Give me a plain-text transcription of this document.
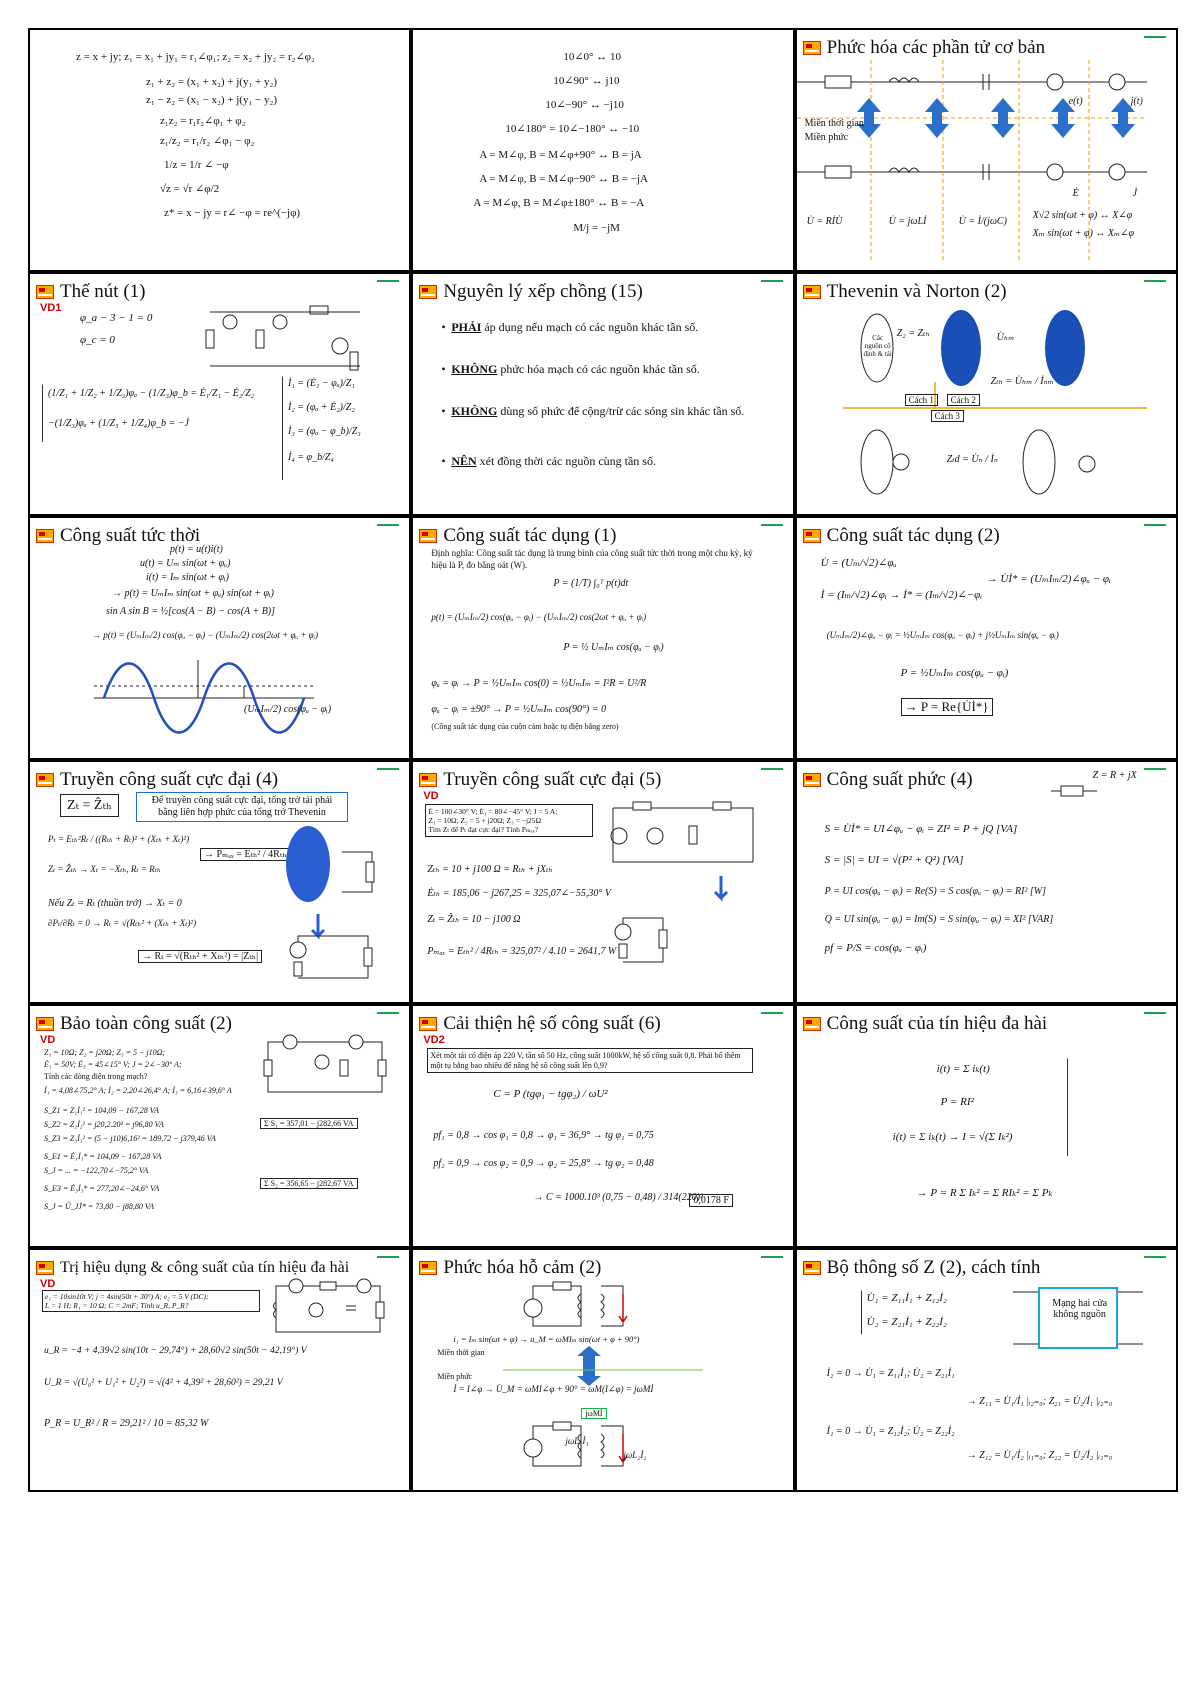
z = x + jy; z₁ = x₁ + jy₁ = r₁∠φ₁; z₂ = x₂ + jy₂ = r₂∠φ₂
z₁ + z₂ = (x₁ + x₂) + j(y₁ + y₂)
z₁ − z₂ = (x₁ − x₂) + j(y₁ − y₂)
z₁z₂ = r₁r₂∠φ₁ + φ₂
z₁/z₂ = r₁/r₂ ∠φ₁ − φ₂
1/z = 1/r ∠ −φ
√z = √r ∠φ/2
z* = x − jy = r∠ −φ = re^(−jφ)
10∠0° ↔ 10
10∠90° ↔ j10
10∠−90° ↔ −j10
10∠180° = 10∠−180° ↔ −10
A = M∠φ, B = M∠φ+90° ↔ B = jA
A = M∠φ, B = M∠φ−90° ↔ B = −jA
A = M∠φ, B = M∠φ±180° ↔ B = −A
M/j = −jM
Phức hóa các phần tử cơ bản
Miền thời gian
Miền phức
e(t)	j(t)
Ė	J̇
U̇ = RİU̇	U̇ = jωLİ	U̇ = İ/(jωC)
X√2 sin(ωt + φ) ↔ X∠φ
Xₘ sin(ωt + φ) ↔ Xₘ∠φ
Thế nút (1)
VD1
φ_a − 3 − 1 = 0
φ_c = 0
(1/Z₁ + 1/Z₂ + 1/Z₃)φₐ − (1/Z₃)φ_b = Ė₁/Z₁ − Ė₂/Z₂
−(1/Z₃)φₐ + (1/Z₃ + 1/Z₄)φ_b = −J̇
İ₁ = (Ė₁ − φₐ)/Z₁
İ₂ = (φₐ + Ė₂)/Z₂
İ₃ = (φₐ − φ_b)/Z₃
İ₄ = φ_b/Z₄
Nguyên lý xếp chồng (15)
• PHẢI áp dụng nếu mạch có các nguồn khác tần số.
• KHÔNG phức hóa mạch có các nguồn khác tần số.
• KHÔNG dùng số phức để cộng/trừ các sóng sin khác tần số.
• NÊN xét đồng thời các nguồn cùng tần số.
Thevenin và Norton (2)
Các nguồn cố định & tải
Z₂ = Zₜₕ	U̇ₕₘ
Zₜₕ = U̇ₕₘ / İₙₘ
Cách 1	Cách 2
Cách 3
Zₜd = U̇ₙ / İₙ
Công suất tức thời
p(t) = u(t)i(t)
u(t) = Uₘ sin(ωt + φᵤ)
i(t) = Iₘ sin(ωt + φᵢ)
→ p(t) = UₘIₘ sin(ωt + φᵤ) sin(ωt + φᵢ)
sin A sin B = ½[cos(A − B) − cos(A + B)]
→ p(t) = (UₘIₘ/2) cos(φᵤ − φᵢ) − (UₘIₘ/2) cos(2ωt + φᵤ + φᵢ)
(UₘIₘ/2) cos(φᵤ − φᵢ)
Công suất tác dụng (1)
Định nghĩa: Công suất tác dụng là trung bình của công suất tức thời trong một chu kỳ, ký hiệu là P, đo bằng oát (W).
P = (1/T) ∫₀ᵀ p(t)dt
p(t) = (UₘIₘ/2) cos(φᵤ − φᵢ) − (UₘIₘ/2) cos(2ωt + φᵤ + φᵢ)
P = ½ UₘIₘ cos(φᵤ − φᵢ)
φᵤ = φᵢ → P = ½UₘIₘ cos(0) = ½UₘIₘ = I²R = U²/R
φᵤ − φᵢ = ±90° → P = ½UₘIₘ cos(90°) = 0
(Công suất tác dụng của cuộn cảm hoặc tụ điện bằng zero)
Công suất tác dụng (2)
U̇ = (Uₘ/√2)∠φᵤ
İ = (Iₘ/√2)∠φᵢ → İ* = (Iₘ/√2)∠−φᵢ
→ U̇İ* = (UₘIₘ/2)∠φᵤ − φᵢ
(UₘIₘ/2)∠φᵤ − φᵢ = ½UₘIₘ cos(φᵤ − φᵢ) + j½UₘIₘ sin(φᵤ − φᵢ)
P = ½UₘIₘ cos(φᵤ − φᵢ)
→ P = Re{U̇İ*}
Truyền công suất cực đại (4)
Zₜ = Ẑₜₕ	Để truyền công suất cực đại, tổng trở tải phải bằng liên hợp phức của tổng trở Thevenin
Pₜ = Eₜₕ²Rₜ / ((Rₜₕ + Rₜ)² + (Xₜₕ + Xₜ)²)
Zₜ = Ẑₜₕ → Xₜ = −Xₜₕ, Rₜ = Rₜₕ
→ Pₘₐₓ = Eₜₕ² / 4Rₜₕ
Nếu Zₜ = Rₜ (thuần trở) → Xₜ = 0
∂Pₜ/∂Rₜ = 0 → Rₜ = √(Rₜₕ² + (Xₜₕ + Xₜ)²)
→ Rₜ = √(Rₜₕ² + Xₜₕ²) = |Zₜₕ|
Truyền công suất cực đại (5)
VD
Ė = 100∠30° V; Ė₁ = 80∠−45° V; J = 5 A;
Z₁ = 10Ω; Z₂ = 5 + j20Ω; Z₃ = −j25Ω
Tìm Zₜ để Pₜ đạt cực đại? Tính Pₘₐₓ?
Zₜₕ = 10 + j100 Ω = Rₜₕ + jXₜₕ
Ėₜₕ = 185,06 − j267,25 = 325,07∠−55,30° V
Zₜ = Ẑₜₕ = 10 − j100 Ω
Pₘₐₓ = Eₜₕ² / 4Rₜₕ = 325,07² / 4.10 = 2641,7 W
Công suất phức (4)	Z = R + jX
S = U̇İ* = UI∠φᵤ − φᵢ = ZI² = P + jQ [VA]
S = |S| = UI = √(P² + Q²) [VA]
P = UI cos(φᵤ − φᵢ) = Re(S) = S cos(φᵤ − φᵢ) = RI² [W]
Q = UI sin(φᵤ − φᵢ) = Im(S) = S sin(φᵤ − φᵢ) = XI² [VAR]
pf = P/S = cos(φᵤ − φᵢ)
Bảo toàn công suất (2)
VD
Z₁ = 10Ω; Z₂ = j20Ω; Z₃ = 5 − j10Ω;
Ė₁ = 50V; Ė₃ = 45∠15° V; J = 2∠−30° A;
Tính các dòng điện trong mạch?
İ₁ = 4,08∠75,2° A; İ₂ = 2,20∠26,4° A; İ₃ = 6,16∠39,6° A
S_Z1 = Z₁İ₁² = 104,09 − 167,28 VA
S_Z2 = Z₂İ₂² = j20,2.20² = j96,80 VA
S_Z3 = Z₃İ₃² = (5 − j10)6,16² = 189,72 − j379,46 VA
Σ S₁ = 357,01 − j282,66 VA
S_E1 = Ė₁İ₁* = 104,09 − 167,28 VA
S_J = ... = −122,70∠−75,2° VA
S_E3 = Ė₃İ₃* = 277,20∠−24,6° VA
S_J = Ů_JJ̇* = 73,80 − j88,80 VA
Σ S₂ = 356,65 − j282,67 VA
Cải thiện hệ số công suất (6)
VD2
Xét một tải có điện áp 220 V, tần số 50 Hz, công suất 1000kW, hệ số công suất 0,8. Phải bổ thêm một tụ bằng bao nhiêu để nâng hệ số công suất lên 0,9?
C = P (tgφ₁ − tgφ₂) / ωU²
pf₁ = 0,8 → cos φ₁ = 0,8 → φ₁ = 36,9° → tg φ₁ = 0,75
pf₂ = 0,9 → cos φ₂ = 0,9 → φ₂ = 25,8° → tg φ₂ = 0,48
→ C = 1000.10³ (0,75 − 0,48) / 314(220)²
0,0178 F
Công suất của tín hiệu đa hài
i(t) = Σ iₖ(t)
P = RI²
i(t) = Σ iₖ(t) → I = √(Σ Iₖ²)
→ P = R Σ Iₖ² = Σ RIₖ² = Σ Pₖ
Trị hiệu dụng & công suất của tín hiệu đa hài
VD
e₁ = 10sin10t V; j = 4sin(50t + 30°) A; e₂ = 5 V (DC);
L = 1 H; R₁ = 10 Ω; C = 2mF; Tính u_R, P_R?
u_R = −4 + 4,39√2 sin(10t − 29,74°) + 28,60√2 sin(50t − 42,19°) V
U_R = √(U₀² + U₁² + U₂²) = √(4² + 4,39² + 28,60²) = 29,21 V
P_R = U_R² / R = 29,21² / 10 = 85,32 W
Phức hóa hỗ cảm (2)
i₁ = Iₘ sin(ωt + φ) → u_M = ωMIₘ sin(ωt + φ + 90°)
Miền thời gian
Miền phức
İ = I∠φ → U̇_M = ωMI∠φ + 90° = ωM(I∠φ) = jωMİ
jωMİ
jωL₁İ₁
jωL₂İ₂
Bộ thông số Z (2), cách tính
U̇₁ = Z₁₁İ₁ + Z₁₂İ₂
U̇₂ = Z₂₁İ₁ + Z₂₂İ₂
Mạng hai cửa không nguồn
İ₂ = 0 → U̇₁ = Z₁₁İ₁; U̇₂ = Z₂₁İ₁
→ Z₁₁ = U̇₁/İ₁ |ᵢ₂₌₀; Z₂₁ = U̇₂/İ₁ |ᵢ₂₌₀
İ₁ = 0 → U̇₁ = Z₁₂İ₂; U̇₂ = Z₂₂İ₂
→ Z₁₂ = U̇₁/İ₂ |ᵢ₁₌₀; Z₂₂ = U̇₂/İ₂ |ᵢ₁₌₀
